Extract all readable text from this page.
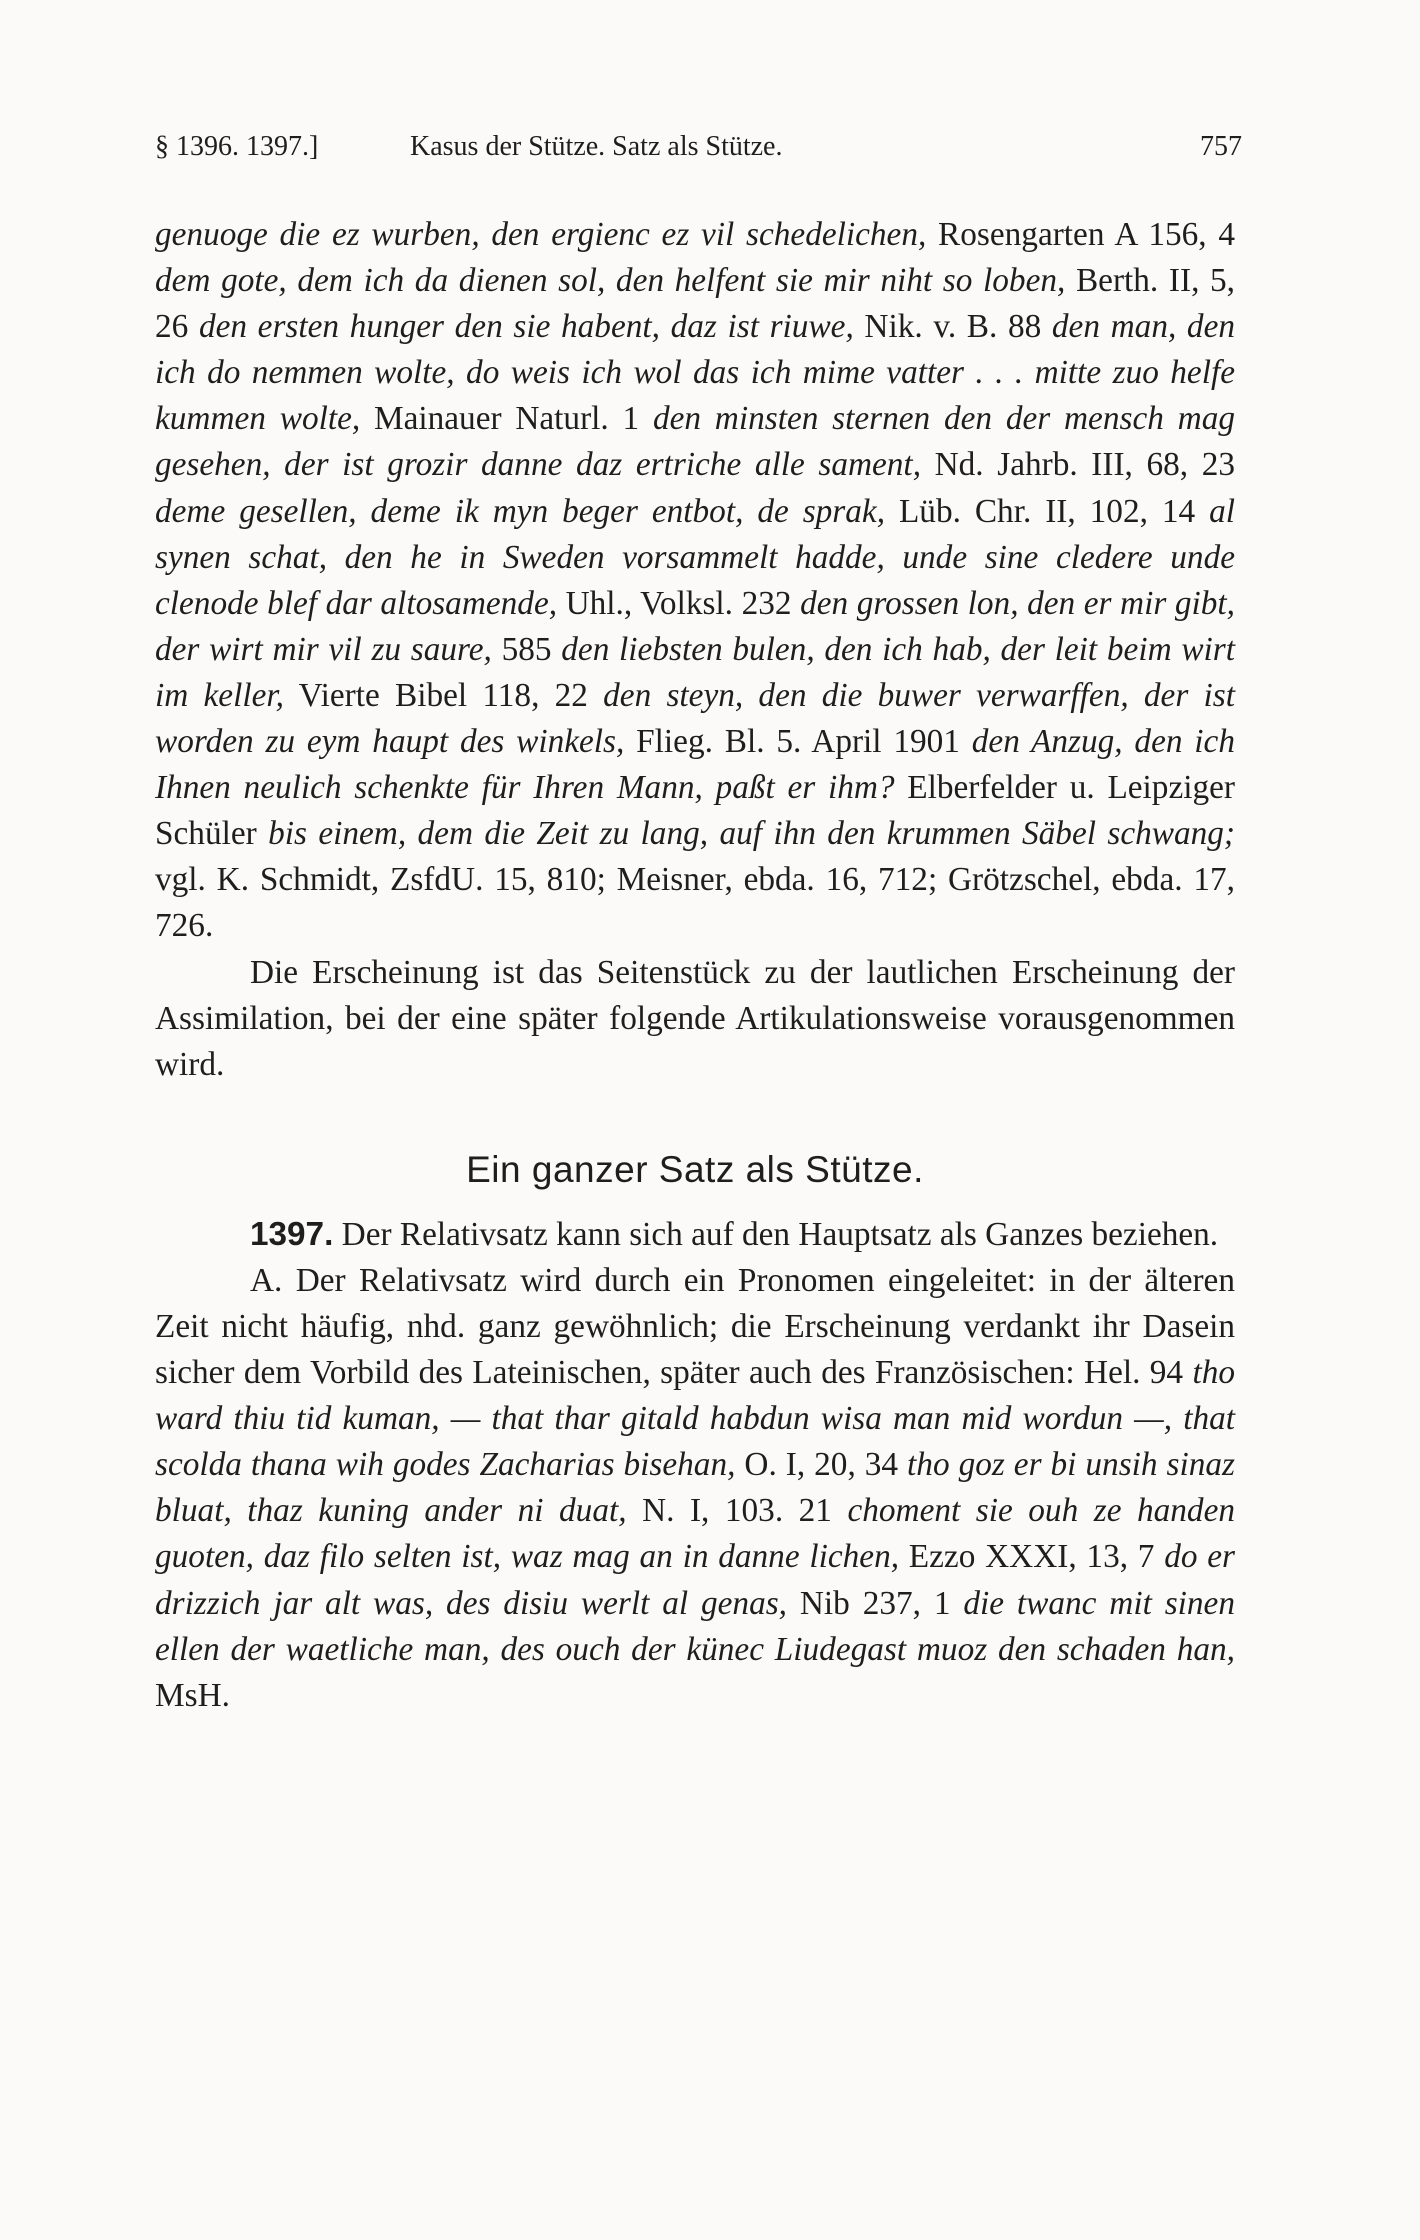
§ 1396. 1397.]	Kasus der Stütze. Satz als Stütze.	757

genuoge die ez wurben, den ergienc ez vil schedelichen, Rosengarten A 156, 4 dem gote, dem ich da dienen sol, den helfent sie mir niht so loben, Berth. II, 5, 26 den ersten hunger den sie habent, daz ist riuwe, Nik. v. B. 88 den man, den ich do nemmen wolte, do weis ich wol das ich mime vatter . . . mitte zuo helfe kummen wolte, Mainauer Naturl. 1 den minsten sternen den der mensch mag gesehen, der ist grozir danne daz ertriche alle sament, Nd. Jahrb. III, 68, 23 deme gesellen, deme ik myn beger entbot, de sprak, Lüb. Chr. II, 102, 14 al synen schat, den he in Sweden vorsammelt hadde, unde sine cledere unde clenode blef dar altosamende, Uhl., Volksl. 232 den grossen lon, den er mir gibt, der wirt mir vil zu saure, 585 den liebsten bulen, den ich hab, der leit beim wirt im keller, Vierte Bibel 118, 22 den steyn, den die buwer verwarffen, der ist worden zu eym haupt des winkels, Flieg. Bl. 5. April 1901 den Anzug, den ich Ihnen neulich schenkte für Ihren Mann, paßt er ihm? Elberfelder u. Leipziger Schüler bis einem, dem die Zeit zu lang, auf ihn den krummen Säbel schwang; vgl. K. Schmidt, ZsfdU. 15, 810; Meisner, ebda. 16, 712; Grötzschel, ebda. 17, 726.

Die Erscheinung ist das Seitenstück zu der lautlichen Erscheinung der Assimilation, bei der eine später folgende Artikulationsweise vorausgenommen wird.

Ein ganzer Satz als Stütze.

1397. Der Relativsatz kann sich auf den Hauptsatz als Ganzes beziehen.

A. Der Relativsatz wird durch ein Pronomen eingeleitet: in der älteren Zeit nicht häufig, nhd. ganz gewöhnlich; die Erscheinung verdankt ihr Dasein sicher dem Vorbild des Lateinischen, später auch des Französischen: Hel. 94 tho ward thiu tid kuman, — that thar gitald habdun wisa man mid wordun —, that scolda thana wih godes Zacharias bisehan, O. I, 20, 34 tho goz er bi unsih sinaz bluat, thaz kuning ander ni duat, N. I, 103. 21 choment sie ouh ze handen guoten, daz filo selten ist, waz mag an in danne lichen, Ezzo XXXI, 13, 7 do er drizzich jar alt was, des disiu werlt al genas, Nib 237, 1 die twanc mit sinen ellen der waetliche man, des ouch der künec Liudegast muoz den schaden han, MsH.
